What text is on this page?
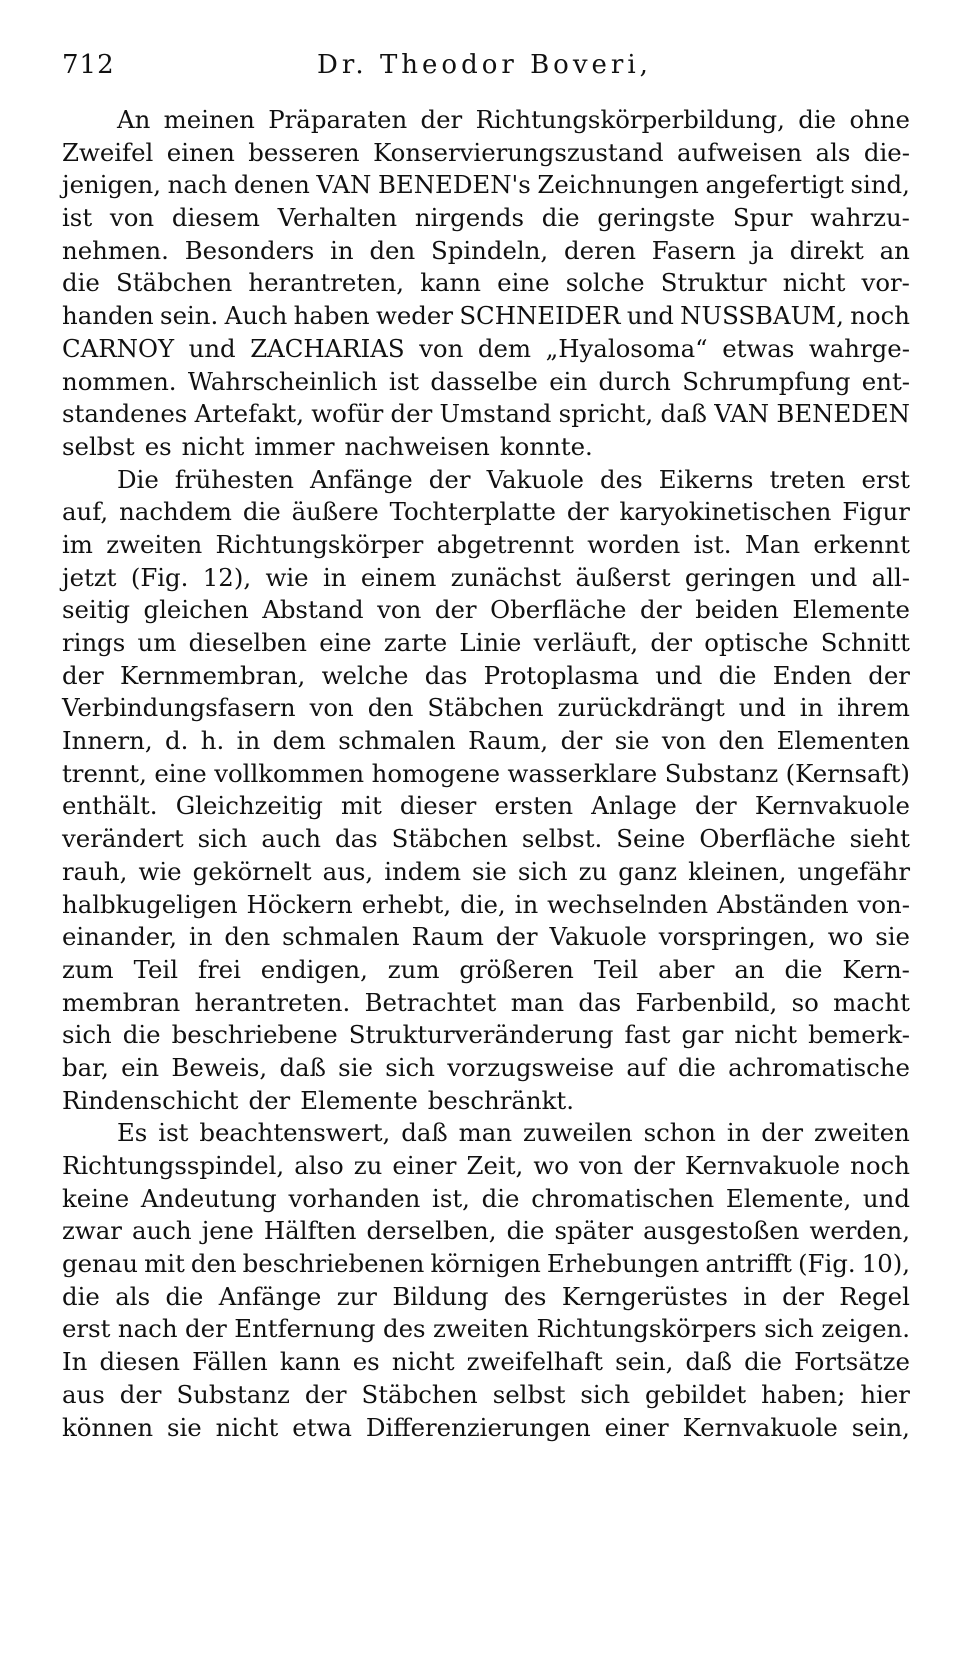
712	Dr. Theodor Boveri,
An meinen Präparaten der Richtungskörperbildung, die ohne
Zweifel einen besseren Konservierungszustand aufweisen als die-
jenigen, nach denen VAN BENEDEN's Zeichnungen angefertigt sind,
ist von diesem Verhalten nirgends die geringste Spur wahrzu-
nehmen. Besonders in den Spindeln, deren Fasern ja direkt an
die Stäbchen herantreten, kann eine solche Struktur nicht vor-
handen sein. Auch haben weder SCHNEIDER und NUSSBAUM, noch
CARNOY und ZACHARIAS von dem „Hyalosoma“ etwas wahrge-
nommen. Wahrscheinlich ist dasselbe ein durch Schrumpfung ent-
standenes Artefakt, wofür der Umstand spricht, daß VAN BENEDEN
selbst es nicht immer nachweisen konnte.
Die frühesten Anfänge der Vakuole des Eikerns treten erst
auf, nachdem die äußere Tochterplatte der karyokinetischen Figur
im zweiten Richtungskörper abgetrennt worden ist. Man erkennt
jetzt (Fig. 12), wie in einem zunächst äußerst geringen und all-
seitig gleichen Abstand von der Oberfläche der beiden Elemente
rings um dieselben eine zarte Linie verläuft, der optische Schnitt
der Kernmembran, welche das Protoplasma und die Enden der
Verbindungsfasern von den Stäbchen zurückdrängt und in ihrem
Innern, d. h. in dem schmalen Raum, der sie von den Elementen
trennt, eine vollkommen homogene wasserklare Substanz (Kernsaft)
enthält. Gleichzeitig mit dieser ersten Anlage der Kernvakuole
verändert sich auch das Stäbchen selbst. Seine Oberfläche sieht
rauh, wie gekörnelt aus, indem sie sich zu ganz kleinen, ungefähr
halbkugeligen Höckern erhebt, die, in wechselnden Abständen von-
einander, in den schmalen Raum der Vakuole vorspringen, wo sie
zum Teil frei endigen, zum größeren Teil aber an die Kern-
membran herantreten. Betrachtet man das Farbenbild, so macht
sich die beschriebene Strukturveränderung fast gar nicht bemerk-
bar, ein Beweis, daß sie sich vorzugsweise auf die achromatische
Rindenschicht der Elemente beschränkt.
Es ist beachtenswert, daß man zuweilen schon in der zweiten
Richtungsspindel, also zu einer Zeit, wo von der Kernvakuole noch
keine Andeutung vorhanden ist, die chromatischen Elemente, und
zwar auch jene Hälften derselben, die später ausgestoßen werden,
genau mit den beschriebenen körnigen Erhebungen antrifft (Fig. 10),
die als die Anfänge zur Bildung des Kerngerüstes in der Regel
erst nach der Entfernung des zweiten Richtungskörpers sich zeigen.
In diesen Fällen kann es nicht zweifelhaft sein, daß die Fortsätze
aus der Substanz der Stäbchen selbst sich gebildet haben; hier
können sie nicht etwa Differenzierungen einer Kernvakuole sein,
